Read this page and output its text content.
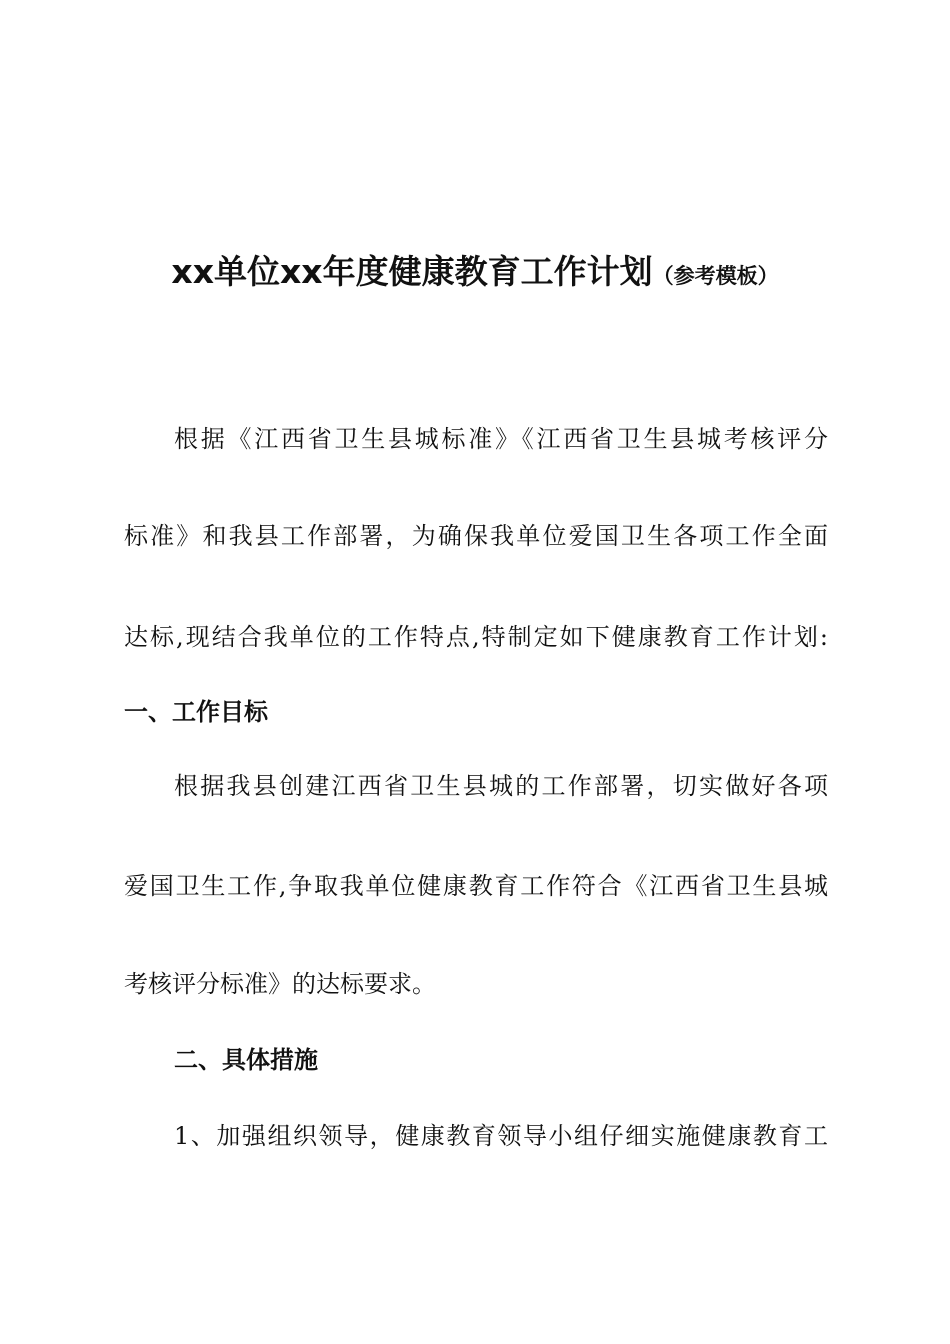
xx单位xx年度健康教育工作计划（参考模板）
根据《江西省卫生县城标准》《江西省卫生县城考核评分
标准》和我县工作部署，为确保我单位爱国卫生各项工作全面
达标,现结合我单位的工作特点,特制定如下健康教育工作计划:
一、工作目标
根据我县创建江西省卫生县城的工作部署，切实做好各项
爱国卫生工作,争取我单位健康教育工作符合《江西省卫生县城
考核评分标准》的达标要求。
二、具体措施
1、加强组织领导，健康教育领导小组仔细实施健康教育工
